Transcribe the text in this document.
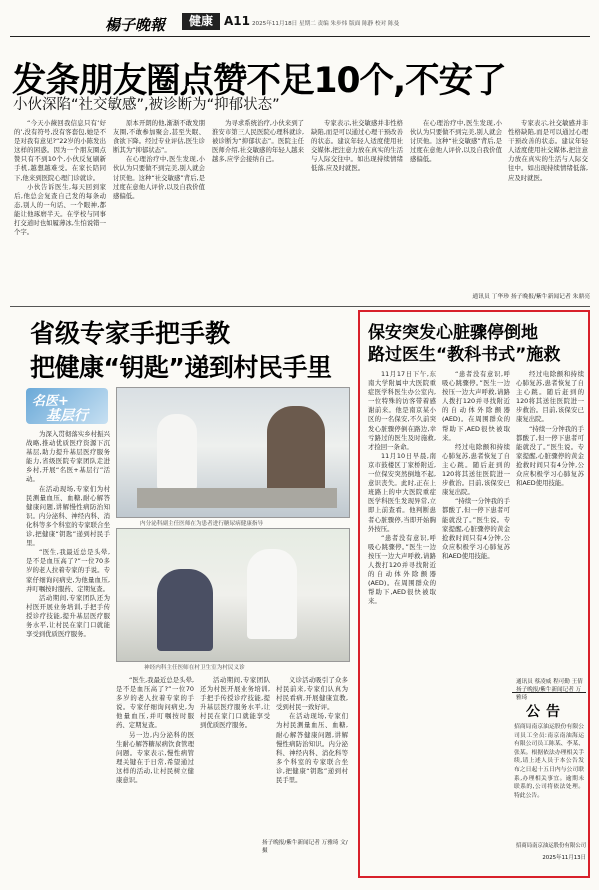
楊子晚報	健康 A11 2025年11月18日 星期二 责编 朱步炜 版面 陈静 校对 陈曼
发条朋友圈点赞不足10个,不安了
小伙深陷“社交敏感”,被诊断为“抑郁状态”

“今天小薇回我信息只有‘好的’,没有符号,没有客套包,她是不是对我有意见?”22岁的小陈发出这样的困惑。因为一个朋友圈点赞只有不到10个,小伙反复刷新手机,越想越难受。在家长陪同下,他来到医院心理门诊就诊。

小伙告诉医生,每天回到家后,他总会复查自己发的每条动态,别人的一句话、一个眼神,都能让他琢磨半天。在学校与同事打交道时也如履薄冰,生怕说错一个字。

原本开朗的他,渐渐不敢发朋友圈,不敢参加聚会,甚至失眠、食欲下降。经过专业评估,医生诊断其为“抑郁状态”。

在心理治疗中,医生发现,小伙认为只要做不到完美,别人就会讨厌他。这种“社交敏感”背后,是过度在意他人评价,以及自我价值感偏低。

为寻求系统治疗,小伙来到了淮安市第三人民医院心理科就诊,被诊断为“抑郁状态”。医院主任医师介绍,社交敏感的年轻人越来越多,应学会接纳自己。

专家表示,社交敏感并非性格缺陷,而是可以通过心理干预改善的状态。建议年轻人适度使用社交媒体,把注意力放在真实的生活与人际交往中。如出现持续情绪低落,应及时就医。

在心理治疗中,医生发现,小伙认为只要做不到完美,别人就会讨厌他。这种“社交敏感”背后,是过度在意他人评价,以及自我价值感偏低。

专家表示,社交敏感并非性格缺陷,而是可以通过心理干预改善的状态。建议年轻人适度使用社交媒体,把注意力放在真实的生活与人际交往中。如出现持续情绪低落,应及时就医。

通讯员 丁华珍 扬子晚报/紫牛新闻记者 朱鼎亮
省级专家手把手教
把健康“钥匙”递到村民手里
名医+
基层行

为深入贯彻落实乡村振兴战略,推动优质医疗资源下沉基层,助力提升基层医疗服务能力,省级医院专家团队走进乡村,开展“名医+基层行”活动。

在活动现场,专家们为村民测量血压、血糖,耐心解答健康问题,讲解慢性病防治知识。内分泌科、神经内科、消化科等多个科室的专家联合坐诊,把健康“钥匙”递到村民手里。

“医生,我最近总是头晕,是不是血压高了?”一位70多岁的老人拉着专家的手说。专家仔细询问病史,为他量血压,并叮嘱按时服药、定期复查。

活动期间,专家团队还为村医开展业务培训,手把手传授诊疗技能,提升基层医疗服务水平,让村民在家门口就能享受到优质医疗服务。

内分泌科副主任医师在为患者进行糖尿病健康指导
神经内科主任医师在村卫生室为村民义诊

“医生,我最近总是头晕,是不是血压高了?”一位70多岁的老人拉着专家的手说。专家仔细询问病史,为他量血压,并叮嘱按时服药、定期复查。

另一边,内分泌科的医生耐心解答糖尿病饮食管理问题。专家表示,慢性病管理关键在于日常,希望通过这样的活动,让村民树立健康意识。

活动期间,专家团队还为村医开展业务培训,手把手传授诊疗技能,提升基层医疗服务水平,让村民在家门口就能享受到优质医疗服务。

义诊活动吸引了众多村民前来,专家们认真为村民看病,开展健康宣教,受到村民一致好评。

在活动现场,专家们为村民测量血压、血糖,耐心解答健康问题,讲解慢性病防治知识。内分泌科、神经内科、消化科等多个科室的专家联合坐诊,把健康“钥匙”递到村民手里。

扬子晚报/紫牛新闻记者 万雅琦 文/摄
保安突发心脏骤停倒地
路过医生“教科书式”施救

11月17日下午,东南大学附属中大医院重症医学科医生办公室内,一位特殊的访客带着感谢前来。他是南京某小区的一名保安,不久前突发心脏骤停倒在路边,幸亏路过的医生及时施救,才捡回一条命。

11月10日早晨,南京市鼓楼区丁家桥附近,一位保安突然倒地不起,意识丧失。此时,正在上班路上的中大医院重症医学科医生发现异常,立即上前查看。他判断患者心脏骤停,当即开始胸外按压。

“患者没有意识,呼吸心跳骤停。”医生一边按压一边大声呼救,请路人拨打120并寻找附近的自动体外除颤器(AED)。在周围群众的帮助下,AED很快被取来。

“患者没有意识,呼吸心跳骤停。”医生一边按压一边大声呼救,请路人拨打120并寻找附近的自动体外除颤器(AED)。在周围群众的帮助下,AED很快被取来。

经过电除颤和持续心肺复苏,患者恢复了自主心跳。随后赶到的120将其送往医院进一步救治。目前,该保安已康复出院。

“持续一分钟我的手都酸了,但一停下患者可能就没了。”医生说。专家提醒,心脏骤停的黄金抢救时间只有4分钟,公众应积极学习心肺复苏和AED使用技能。

经过电除颤和持续心肺复苏,患者恢复了自主心跳。随后赶到的120将其送往医院进一步救治。目前,该保安已康复出院。

“持续一分钟我的手都酸了,但一停下患者可能就没了。”医生说。专家提醒,心脏骤停的黄金抢救时间只有4分钟,公众应积极学习心肺复苏和AED使用技能。

通讯员 蔡凌威 程可勤 王倩 扬子晚报/紫牛新闻记者 万雅琦
公告
招商局南京油运股份有限公司员工全员:南京南油海运有限公司员工陈某、李某、张某。根据依法办理相关手续,请上述人员于本公告发布之日起十五日内与公司联系,办理相关事宜。逾期未联系的,公司将依法处理。特此公告。
招商局南京油运股份有限公司
2025年11月13日
